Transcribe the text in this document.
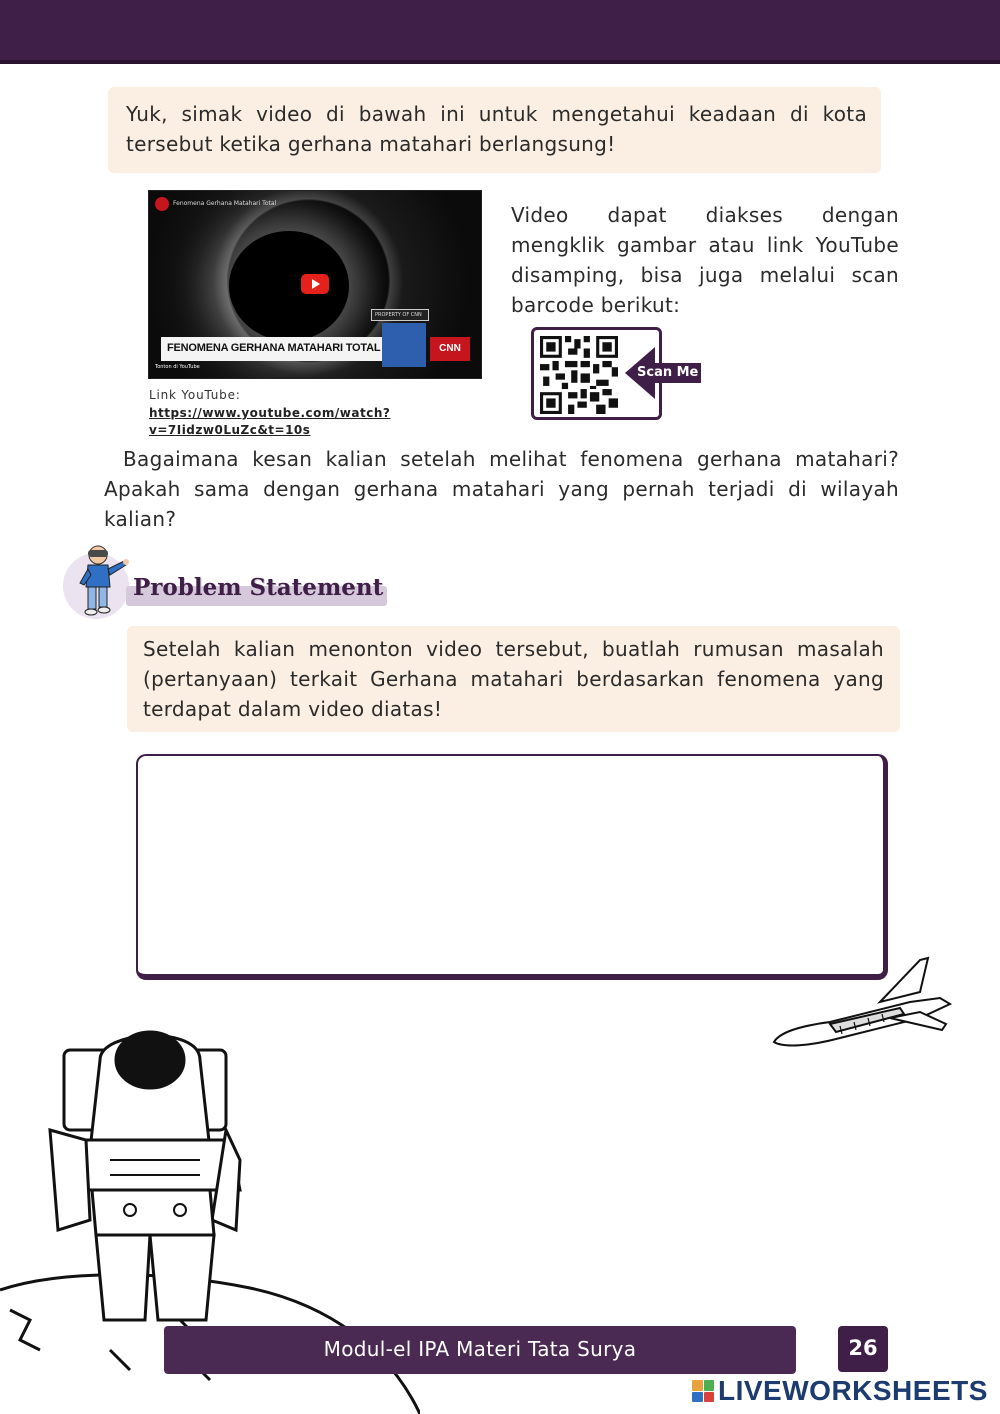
Yuk, simak video di bawah ini untuk mengetahui keadaan di kota tersebut ketika gerhana matahari berlangsung!

Fenomena Gerhana Matahari Total
PROPERTY OF CNN
FENOMENA GERHANA MATAHARI TOTAL	CNN
Tonton di YouTube
Link YouTube:
https://www.youtube.com/watch?v=7Iidzw0LuZc&t=10s
Video dapat diakses dengan mengklik gambar atau link YouTube disamping, bisa juga melalui scan barcode berikut:
Scan Me
Bagaimana kesan kalian setelah melihat fenomena gerhana matahari? Apakah sama dengan gerhana matahari yang pernah terjadi di wilayah kalian?
Problem Statement

Setelah kalian menonton video tersebut, buatlah rumusan masalah (pertanyaan) terkait Gerhana matahari berdasarkan fenomena yang terdapat dalam video diatas!

Modul-el IPA Materi Tata Surya	26
LIVEWORKSHEETS
